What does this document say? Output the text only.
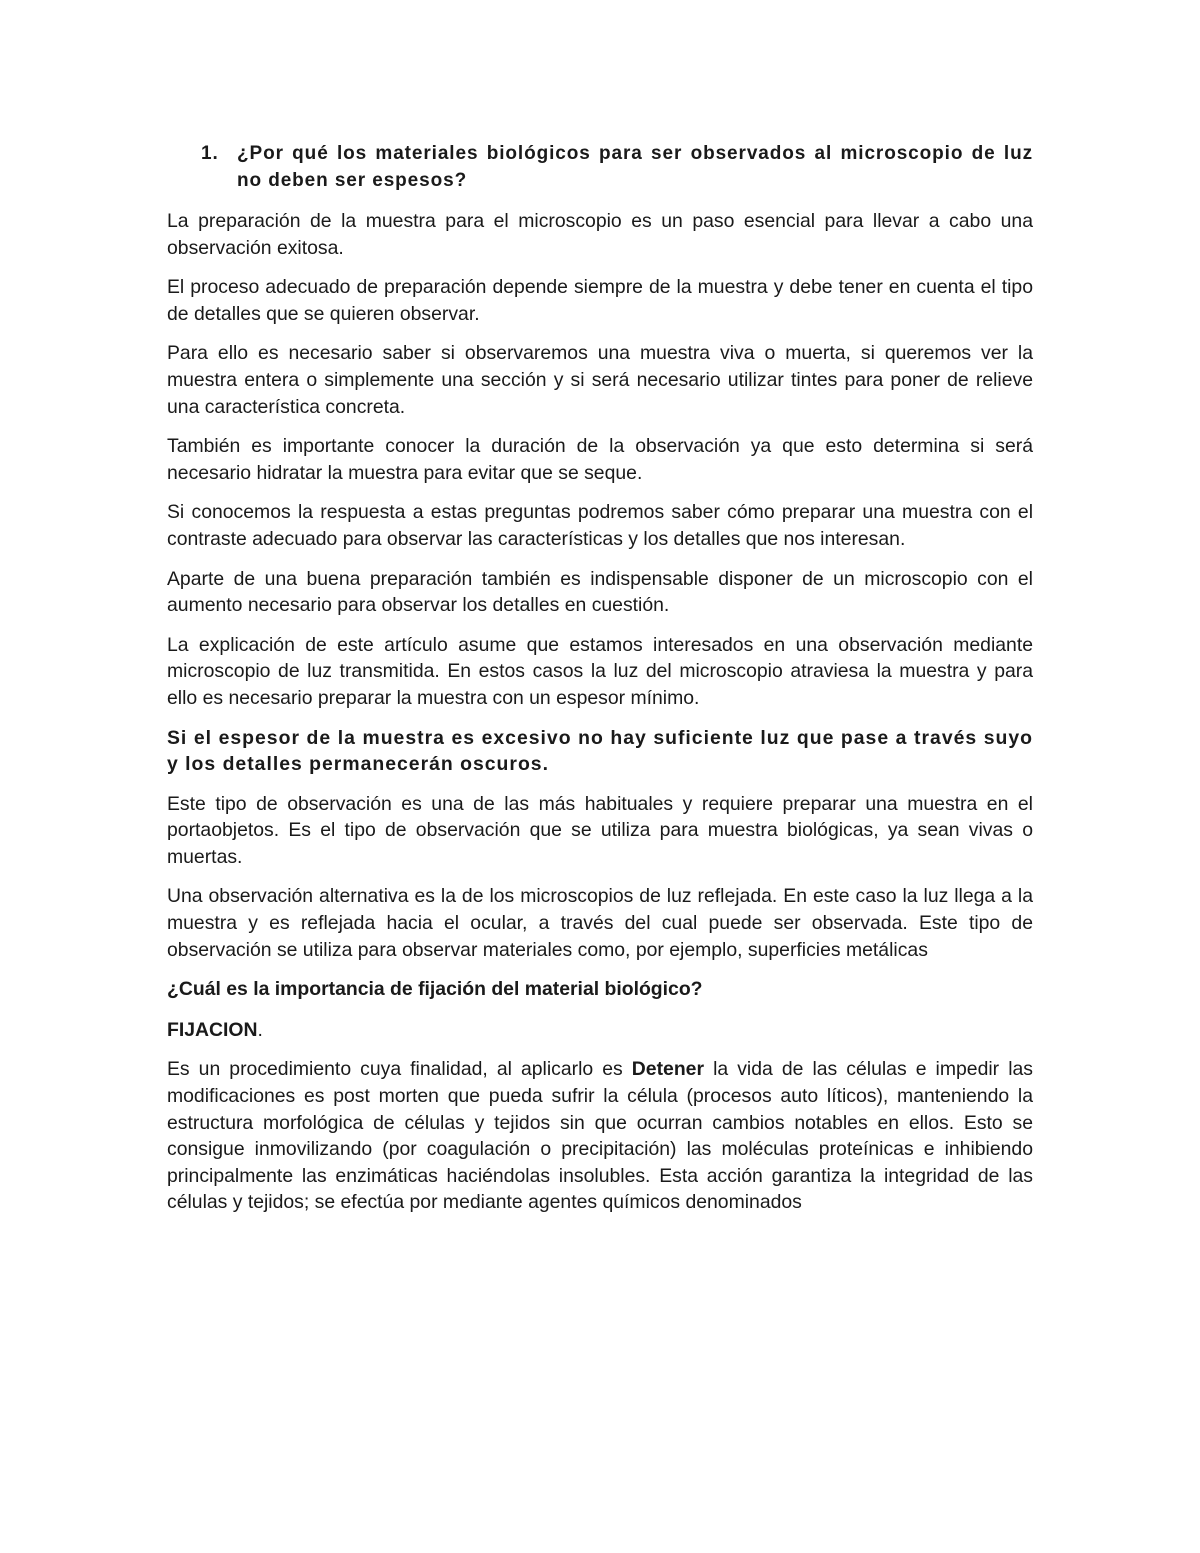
1. ¿Por qué los materiales biológicos para ser observados al microscopio de luz no deben ser espesos?

La preparación de la muestra para el microscopio es un paso esencial para llevar a cabo una observación exitosa.

El proceso adecuado de preparación depende siempre de la muestra y debe tener en cuenta el tipo de detalles que se quieren observar.

Para ello es necesario saber si observaremos una muestra viva o muerta, si queremos ver la muestra entera o simplemente una sección y si será necesario utilizar tintes para poner de relieve una característica concreta.

También es importante conocer la duración de la observación ya que esto determina si será necesario hidratar la muestra para evitar que se seque.

Si conocemos la respuesta a estas preguntas podremos saber cómo preparar una muestra con el contraste adecuado para observar las características y los detalles que nos interesan.

Aparte de una buena preparación también es indispensable disponer de un microscopio con el aumento necesario para observar los detalles en cuestión.

La explicación de este artículo asume que estamos interesados en una observación mediante microscopio de luz transmitida. En estos casos la luz del microscopio atraviesa la muestra y para ello es necesario preparar la muestra con un espesor mínimo.

Si el espesor de la muestra es excesivo no hay suficiente luz que pase a través suyo y los detalles permanecerán oscuros.

Este tipo de observación es una de las más habituales y requiere preparar una muestra en el portaobjetos. Es el tipo de observación que se utiliza para muestra biológicas, ya sean vivas o muertas.

Una observación alternativa es la de los microscopios de luz reflejada. En este caso la luz llega a la muestra y es reflejada hacia el ocular, a través del cual puede ser observada. Este tipo de observación se utiliza para observar materiales como, por ejemplo, superficies metálicas

¿Cuál es la importancia de fijación del material biológico?

FIJACION.

Es un procedimiento cuya finalidad, al aplicarlo es Detener la vida de las células e impedir las modificaciones es post morten que pueda sufrir la célula (procesos auto líticos), manteniendo la estructura morfológica de células y tejidos sin que ocurran cambios notables en ellos. Esto se consigue inmovilizando (por coagulación o precipitación) las moléculas proteínicas e inhibiendo principalmente las enzimáticas haciéndolas insolubles. Esta acción garantiza la integridad de las células y tejidos; se efectúa por mediante agentes químicos denominados
